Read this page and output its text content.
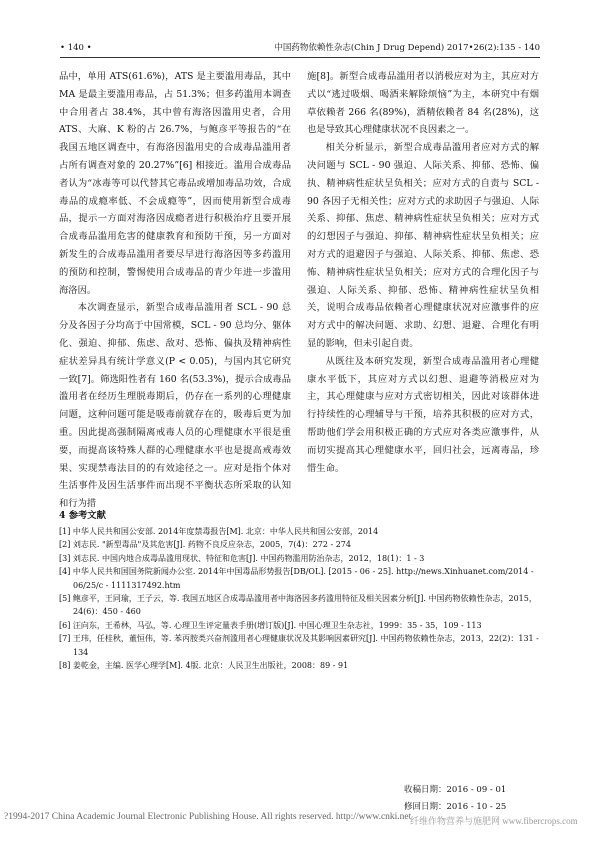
• 140 •	中国药物依赖性杂志(Chin J Drug Depend) 2017•26(2):135 - 140

品中，单用 ATS(61.6%)，ATS 是主要滥用毒品，其中 MA 是最主要滥用毒品，占 51.3%；但多药滥用本调查中合用者占 38.4%，其中曾有海洛因滥用史者，合用 ATS、大麻、K 粉的占 26.7%，与鲍彦平等报告的“在我国五地区调查中，有海洛因滥用史的合成毒品滥用者占所有调查对象的 20.27%”[6] 相接近。滥用合成毒品者认为“冰毒等可以代替其它毒品或增加毒品功效，合成毒品的成瘾率低、不会成瘾等”，因而使用新型合成毒品，提示一方面对海洛因成瘾者进行积极治疗且要开展合成毒品滥用危害的健康教育和预防干预，另一方面对新发生的合成毒品滥用者要尽早进行海洛因等多药滥用的预防和控制，警惕使用合成毒品的青少年进一步滥用海洛因。

本次调查显示，新型合成毒品滥用者 SCL - 90 总分及各因子分均高于中国常模，SCL - 90 总均分、躯体化、强迫、抑郁、焦虑、敌对、恐怖、偏执及精神病性症状差异具有统计学意义(P < 0.05)，与国内其它研究一致[7]。筛选阳性者有 160 名(53.3%)，提示合成毒品滥用者在经历生理脱毒期后，仍存在一系列的心理健康问题，这种问题可能是吸毒前就存在的，吸毒后更为加重。因此提高强制隔离戒毒人员的心理健康水平很是重要，而提高该特殊人群的心理健康水平也是提高戒毒效果、实现禁毒法目的的有效途径之一。应对是指个体对生活事件及因生活事件而出现不平衡状态所采取的认知和行为措

施[8]。新型合成毒品滥用者以消极应对为主，其应对方式以“逃过吸烟、喝酒来解除烦恼”为主，本研究中有烟草依赖者 266 名(89%)，酒精依赖者 84 名(28%)，这也是导致其心理健康状况不良因素之一。

相关分析显示，新型合成毒品滥用者应对方式的解决问题与 SCL - 90 强迫、人际关系、抑郁、恐怖、偏执、精神病性症状呈负相关；应对方式的自责与 SCL - 90 各因子无相关性；应对方式的求助因子与强迫、人际关系、抑郁、焦虑、精神病性症状呈负相关；应对方式的幻想因子与强迫、抑郁、精神病性症状呈负相关；应对方式的退避因子与强迫、人际关系、抑郁、焦虑、恐怖、精神病性症状呈负相关；应对方式的合理化因子与强迫、人际关系、抑郁、恐怖、精神病性症状呈负相关，说明合成毒品依赖者心理健康状况对应激事件的应对方式中的解决问题、求助、幻想、退避、合理化有明显的影响，但未引起自责。

从既往及本研究发现，新型合成毒品滥用者心理健康水平低下，其应对方式以幻想、退避等消极应对为主，其心理健康与应对方式密切相关，因此对该群体进行持续性的心理辅导与干预，培养其积极的应对方式，帮助他们学会用积极正确的方式应对各类应激事件，从而切实提高其心理健康水平，回归社会，远离毒品，珍惜生命。

4 参考文献
[1] 中华人民共和国公安部. 2014年度禁毒报告[M]. 北京：中华人民共和国公安部，2014
[2] 刘志民. "新型毒品"及其危害[J]. 药物不良反应杂志，2005，7(4)：272 - 274
[3] 刘志民. 中国内地合成毒品滥用现状、特征和危害[J]. 中国药物滥用防治杂志，2012，18(1)：1 - 3
[4] 中华人民共和国国务院新闻办公室. 2014年中国毒品形势报告[DB/OL]. [2015 - 06 - 25]. http://news.Xinhuanet.com/2014 - 06/25/c - 1111317492.htm
[5] 鲍彦平，王同瑜，王子云，等. 我国五地区合成毒品滥用者中海洛因多药滥用特征及相关因素分析[J]. 中国药物依赖性杂志，2015，24(6)：450 - 460
[6] 汪向东，王希林，马弘，等. 心理卫生评定量表手册(增订版)[J]. 中国心理卫生杂志社，1999：35 - 35，109 - 113
[7] 王玮，任桂秋，董恒伟，等. 苯丙胺类兴奋剂滥用者心理健康状况及其影响因素研究[J]. 中国药物依赖性杂志，2013，22(2)：131 - 134
[8] 姜乾金，主编. 医学心理学[M]. 4版. 北京：人民卫生出版社，2008：89 - 91
收稿日期：2016 - 09 - 01
修回日期：2016 - 10 - 25
?1994-2017 China Academic Journal Electronic Publishing House. All rights reserved. http://www.cnki.net
纤维作物营养与施肥网 www.fibercrops.com
